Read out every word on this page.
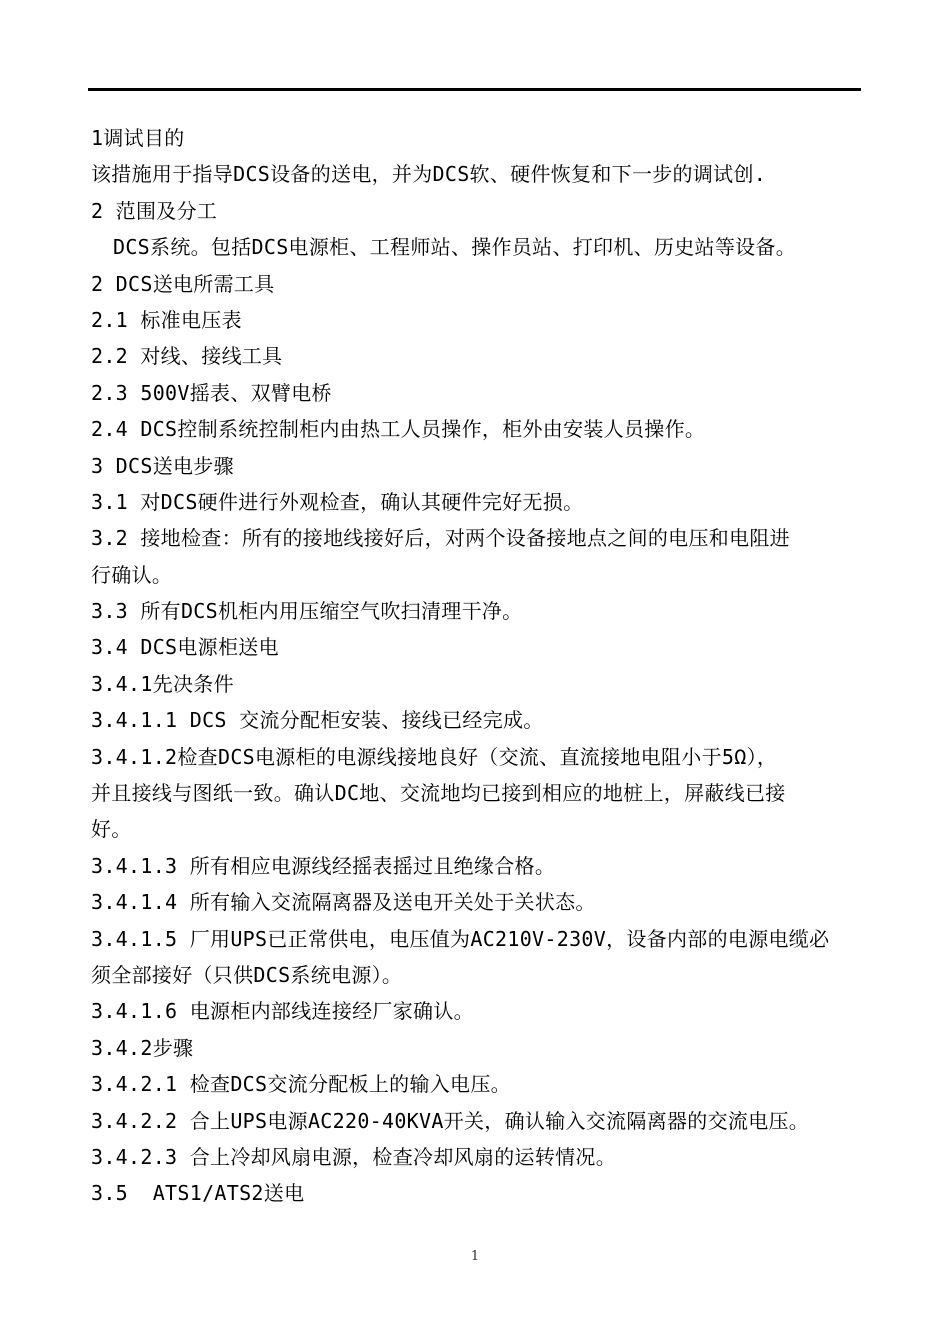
1调试目的
该措施用于指导DCS设备的送电，并为DCS软、硬件恢复和下一步的调试创.
2 范围及分工
DCS系统。包括DCS电源柜、工程师站、操作员站、打印机、历史站等设备。
2 DCS送电所需工具
2.1 标准电压表
2.2 对线、接线工具
2.3 500V摇表、双臂电桥
2.4 DCS控制系统控制柜内由热工人员操作，柜外由安装人员操作。
3 DCS送电步骤
3.1 对DCS硬件进行外观检查，确认其硬件完好无损。
3.2 接地检查：所有的接地线接好后，对两个设备接地点之间的电压和电阻进
行确认。
3.3 所有DCS机柜内用压缩空气吹扫清理干净。
3.4 DCS电源柜送电
3.4.1先决条件
3.4.1.1 DCS 交流分配柜安装、接线已经完成。
3.4.1.2检查DCS电源柜的电源线接地良好（交流、直流接地电阻小于5Ω），
并且接线与图纸一致。确认DC地、交流地均已接到相应的地桩上，屏蔽线已接
好。
3.4.1.3 所有相应电源线经摇表摇过且绝缘合格。
3.4.1.4 所有输入交流隔离器及送电开关处于关状态。
3.4.1.5 厂用UPS已正常供电，电压值为AC210V-230V，设备内部的电源电缆必
须全部接好（只供DCS系统电源）。
3.4.1.6 电源柜内部线连接经厂家确认。
3.4.2步骤
3.4.2.1 检查DCS交流分配板上的输入电压。
3.4.2.2 合上UPS电源AC220-40KVA开关，确认输入交流隔离器的交流电压。
3.4.2.3 合上冷却风扇电源，检查冷却风扇的运转情况。
3.5  ATS1/ATS2送电
1
